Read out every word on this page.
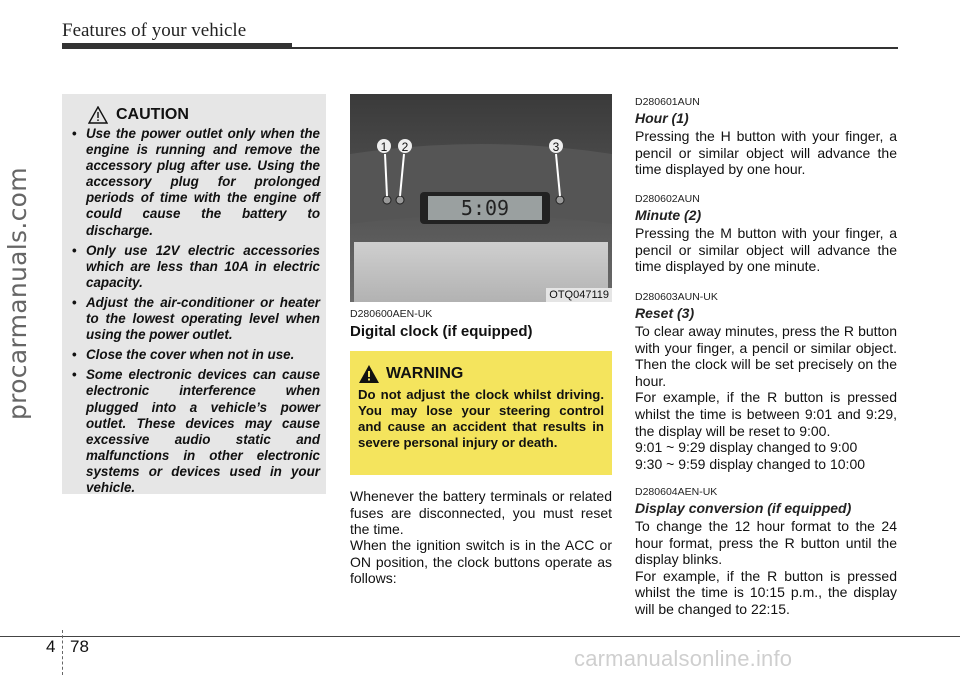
Features of your vehicle
procarmanuals.com
CAUTION
• Use the power outlet only when the engine is running and remove the accessory plug after use. Using the accessory plug for prolonged periods of time with the engine off could cause the battery to discharge.
• Only use 12V electric accessories which are less than 10A in electric capacity.
• Adjust the air-conditioner or heater to the lowest operating level when using the power outlet.
• Close the cover when not in use.
• Some electronic devices can cause electronic interference when plugged into a vehicle’s power outlet. These devices may cause excessive audio static and malfunctions in other electronic systems or devices used in your vehicle.
1 2	3
5:09
OTQ047119
D280600AEN-UK
Digital clock (if equipped)
WARNING
Do not adjust the clock whilst driving. You may lose your steering control and cause an accident that results in severe personal injury or death.
Whenever the battery terminals or related fuses are disconnected, you must reset the time.
When the ignition switch is in the ACC or ON position, the clock buttons operate as follows:
D280601AUN
Hour (1)
Pressing the H button with your finger, a pencil or similar object will advance the time displayed by one hour.
D280602AUN
Minute (2)
Pressing the M button with your finger, a pencil or similar object will advance the time displayed by one minute.
D280603AUN-UK
Reset (3)
To clear away minutes, press the R button with your finger, a pencil or similar object. Then the clock will be set precisely on the hour.
For example, if the R button is pressed whilst the time is between 9:01 and 9:29, the display will be reset to 9:00.
9:01 ~ 9:29 display changed to 9:00
9:30 ~ 9:59 display changed to 10:00
D280604AEN-UK
Display conversion (if equipped)
To change the 12 hour format to the 24 hour format, press the R button until the display blinks.
For example, if the R button is pressed whilst the time is 10:15 p.m., the display will be changed to 22:15.
4 78	carmanualsonline.info
